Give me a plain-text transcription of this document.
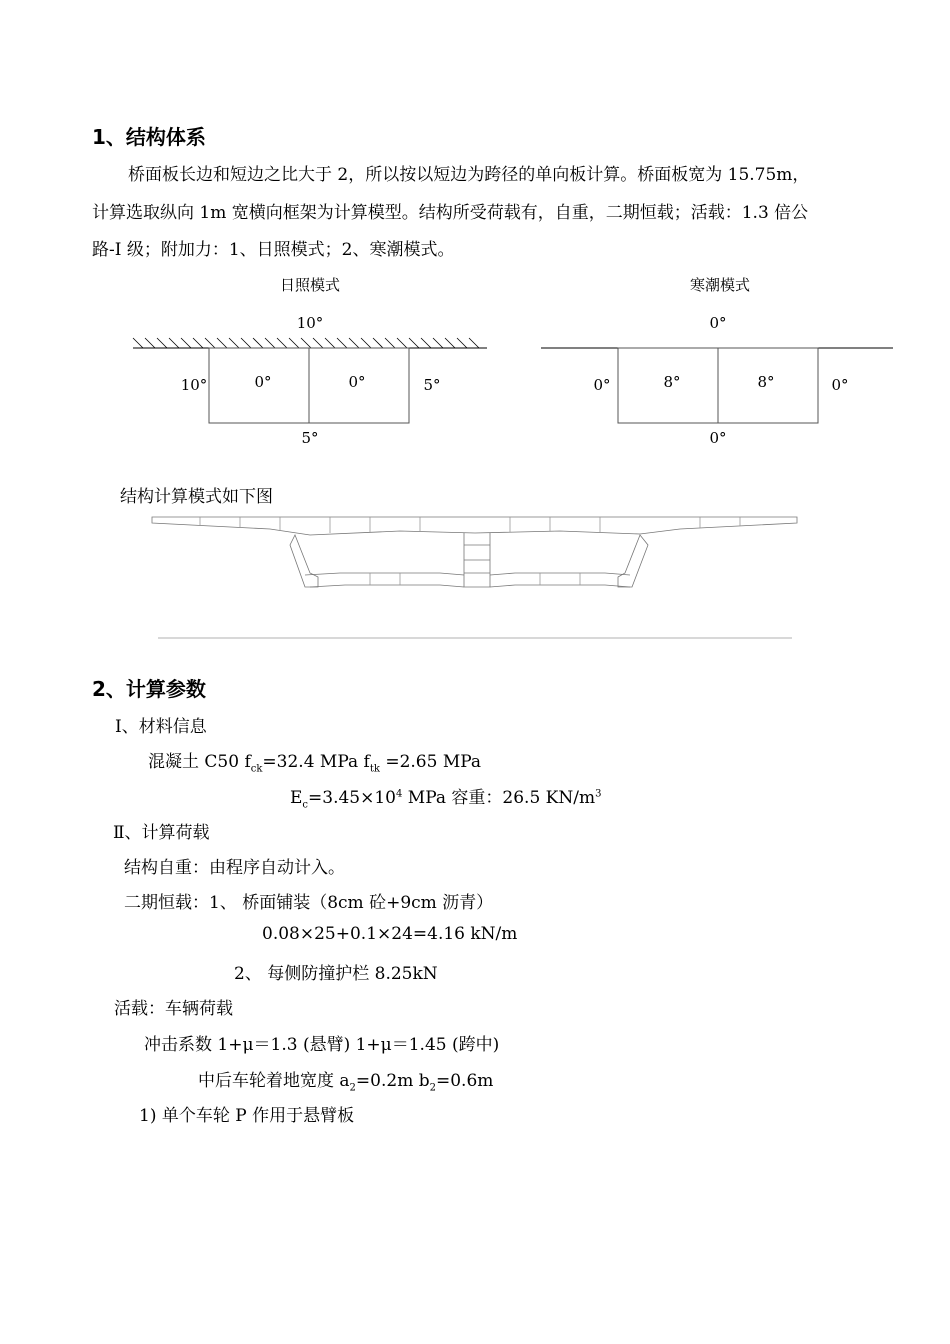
1、结构体系
桥面板长边和短边之比大于 2，所以按以短边为跨径的单向板计算。桥面板宽为 15.75m，
计算选取纵向 1m 宽横向框架为计算模型。结构所受荷载有，自重，二期恒载；活载：1.3 倍公
路-I 级；附加力：1、日照模式；2、寒潮模式。
日照模式
10°
10°	0°	0°	5°
5°
寒潮模式
0°
0°	8°	8°	0°
0°
结构计算模式如下图
2、计算参数
Ⅰ、材料信息
混凝土 C50 $f_{ck}=32.4$ MPa $f_{tk} =2.65$ MPa
$E_c=3.45\times 10^4$ MPa 容重：26.5 $KN/m^3$
Ⅱ、计算荷载
结构自重：由程序自动计入。
二期恒载：1、 桥面铺装（8cm 砼+9cm 沥青）
0.08×25+0.1×24=4.16 kN/m
2、 每侧防撞护栏 8.25kN
活载：车辆荷载
冲击系数 1+μ＝1.3 (悬臂) 1+μ＝1.45 (跨中)
中后车轮着地宽度 $a_2=0.2m$ $b_2=0.6m$
1) 单个车轮 P 作用于悬臂板
